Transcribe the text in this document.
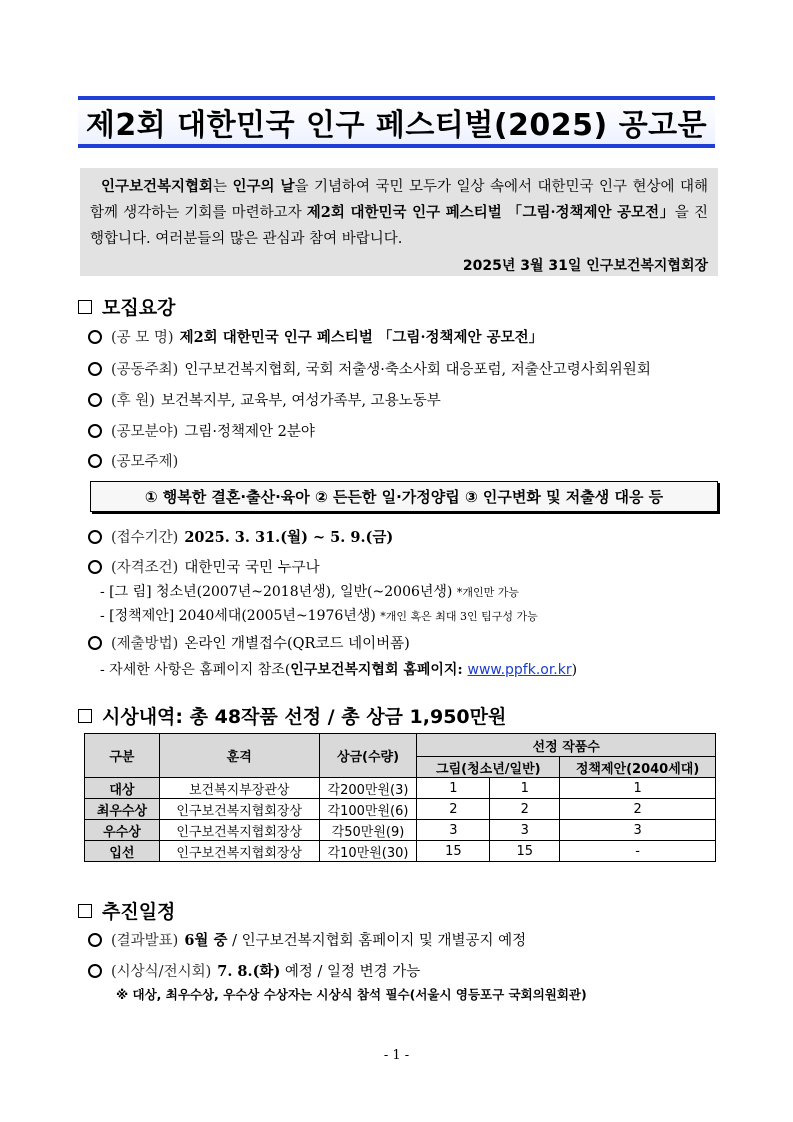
제2회 대한민국 인구 페스티벌(2025) 공고문

인구보건복지협회는 인구의 날을 기념하여 국민 모두가 일상 속에서 대한민국 인구 현상에 대해 함께 생각하는 기회를 마련하고자 제2회 대한민국 인구 페스티벌 「그림·정책제안 공모전」을 진행합니다. 여러분들의 많은 관심과 참여 바랍니다.

2025년 3월 31일 인구보건복지협회장
모집요강
(공 모 명) 제2회 대한민국 인구 페스티벌 「그림·정책제안 공모전」
(공동주최) 인구보건복지협회, 국회 저출생·축소사회 대응포럼, 저출산고령사회위원회
(후 원) 보건복지부, 교육부, 여성가족부, 고용노동부
(공모분야) 그림·정책제안 2분야
(공모주제)
① 행복한 결혼·출산·육아 ② 든든한 일·가정양립 ③ 인구변화 및 저출생 대응 등
(접수기간) 2025. 3. 31.(월) ~ 5. 9.(금)
(자격조건) 대한민국 국민 누구나
- [그 림] 청소년(2007년~2018년생), 일반(~2006년생) *개인만 가능
- [정책제안] 2040세대(2005년~1976년생) *개인 혹은 최대 3인 팀구성 가능
(제출방법) 온라인 개별접수(QR코드 네이버폼)
- 자세한 사항은 홈페이지 참조(인구보건복지협회 홈페이지: www.ppfk.or.kr)
시상내역: 총 48작품 선정 / 총 상금 1,950만원
구분	훈격	상금(수량)	선정 작품수		
			그림(청소년/일반)		정책제안(2040세대)
대상	보건복지부장관상	각200만원(3)	1	1	1
최우수상	인구보건복지협회장상	각100만원(6)	2	2	2
우수상	인구보건복지협회장상	각50만원(9)	3	3	3
입선	인구보건복지협회장상	각10만원(30)	15	15	-
추진일정
(결과발표) 6월 중 / 인구보건복지협회 홈페이지 및 개별공지 예정
(시상식/전시회) 7. 8.(화) 예정 / 일정 변경 가능
※ 대상, 최우수상, 우수상 수상자는 시상식 참석 필수(서울시 영등포구 국회의원회관)
- 1 -
